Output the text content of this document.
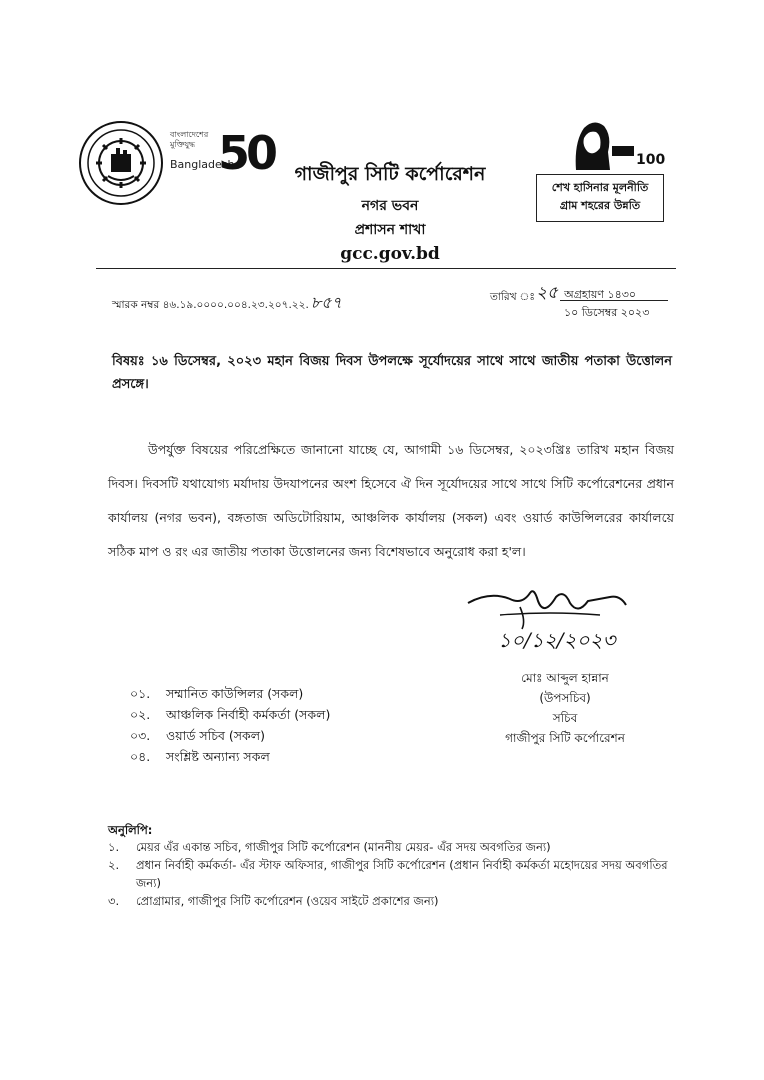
বাংলাদেশের মুক্তিযুদ্ধ
Bangladesh
50	100
শেখ হাসিনার মূলনীতি
গ্রাম শহরের উন্নতি
গাজীপুর সিটি কর্পোরেশন
নগর ভবন
প্রশাসন শাখা
gcc.gov.bd
স্মারক নম্বর ৪৬.১৯.০০০০.০০৪.২৩.২০৭.২২. ৮৫৭	তারিখ ঃ ২৫ অগ্রহায়ণ ১৪৩০
১০ ডিসেম্বর ২০২৩
বিষয়ঃ ১৬ ডিসেম্বর, ২০২৩ মহান বিজয় দিবস উপলক্ষে সূর্যোদয়ের সাথে সাথে জাতীয় পতাকা উত্তোলন প্রসঙ্গে।
উপর্যুক্ত বিষয়ের পরিপ্রেক্ষিতে জানানো যাচ্ছে যে, আগামী ১৬ ডিসেম্বর, ২০২৩খ্রিঃ তারিখ মহান বিজয় দিবস। দিবসটি যথাযোগ্য মর্যাদায় উদযাপনের অংশ হিসেবে ঐ দিন সূর্যোদয়ের সাথে সাথে সিটি কর্পোরেশনের প্রধান কার্যালয় (নগর ভবন), বঙ্গতাজ অডিটোরিয়াম, আঞ্চলিক কার্যালয় (সকল) এবং ওয়ার্ড কাউন্সিলরের কার্যালয়ে সঠিক মাপ ও রং এর জাতীয় পতাকা উত্তোলনের জন্য বিশেষভাবে অনুরোধ করা হ'ল।
১০/১২/২০২৩
মোঃ আব্দুল হান্নান
(উপসচিব)
সচিব
গাজীপুর সিটি কর্পোরেশন
০১.	সম্মানিত কাউন্সিলর (সকল)
০২.	আঞ্চলিক নির্বাহী কর্মকর্তা (সকল)
০৩.	ওয়ার্ড সচিব (সকল)
০৪.	সংশ্লিষ্ট অন্যান্য সকল
অনুলিপি:
১.	মেয়র এঁর একান্ত সচিব, গাজীপুর সিটি কর্পোরেশন (মাননীয় মেয়র- এঁর সদয় অবগতির জন্য)
২.	প্রধান নির্বাহী কর্মকর্তা- এঁর স্টাফ অফিসার, গাজীপুর সিটি কর্পোরেশন (প্রধান নির্বাহী কর্মকর্তা মহোদয়ের সদয় অবগতির জন্য)
৩.	প্রোগ্রামার, গাজীপুর সিটি কর্পোরেশন (ওয়েব সাইটে প্রকাশের জন্য)
